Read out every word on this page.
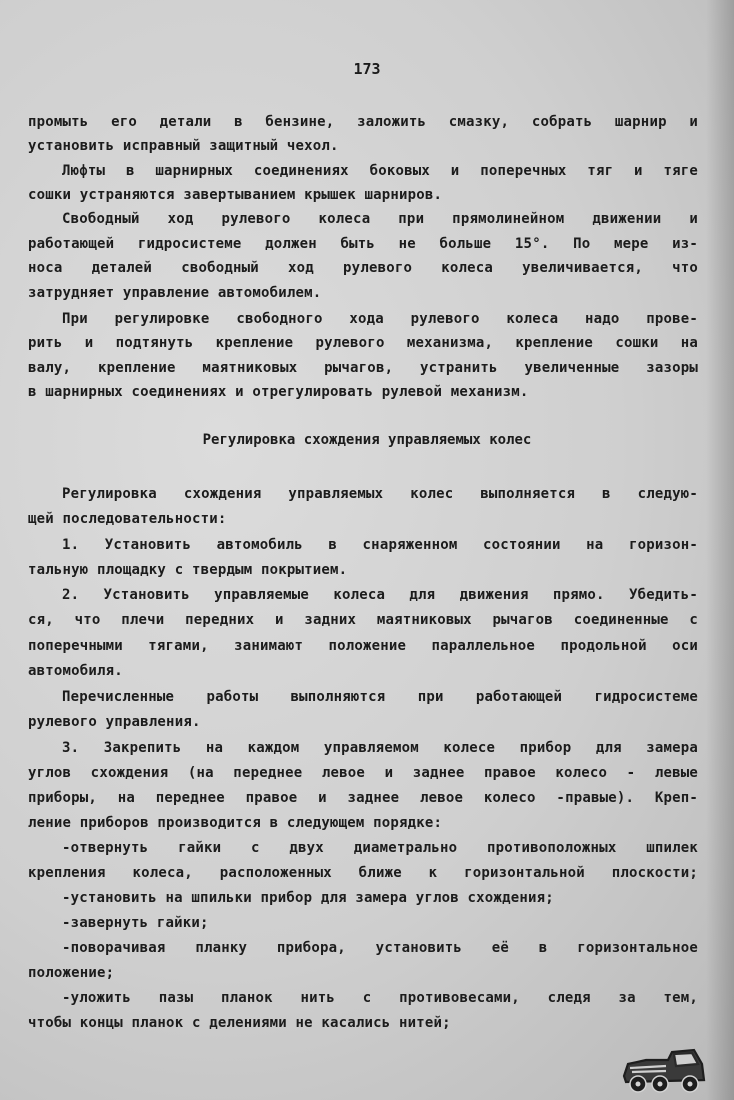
173

промыть его детали в бензине, заложить смазку, собрать шарнир и

установить исправный защитный чехол.

Люфты в шарнирных соединениях боковых и поперечных тяг и тяге

сошки устраняются завертыванием крышек шарниров.

Свободный ход рулевого колеса при прямолинейном движении и

работающей гидросистеме должен быть не больше 15°. По мере из-

носа деталей свободный ход рулевого колеса увеличивается, что

затрудняет управление автомобилем.

При регулировке свободного хода рулевого колеса надо прове-

рить и подтянуть крепление рулевого механизма, крепление сошки на

валу, крепление маятниковых рычагов, устранить увеличенные зазоры

в шарнирных соединениях и отрегулировать рулевой механизм.

Регулировка схождения управляемых колес

Регулировка схождения управляемых колес выполняется в следую-

щей последовательности:

1. Установить автомобиль в снаряженном состоянии на горизон-

тальную площадку с твердым покрытием.

2. Установить управляемые колеса для движения прямо. Убедить-

ся, что плечи передних и задних маятниковых рычагов соединенные с

поперечными тягами, занимают положение параллельное продольной оси

автомобиля.

Перечисленные работы выполняются при работающей гидросистеме

рулевого управления.

3. Закрепить на каждом управляемом колесе прибор для замера

углов схождения (на переднее левое и заднее правое колесо - левые

приборы, на переднее правое и заднее левое колесо -правые). Креп-

ление приборов производится в следующем порядке:

-отвернуть гайки с двух диаметрально противоположных шпилек

крепления колеса, расположенных ближе к горизонтальной плоскости;

-установить на шпильки прибор для замера углов схождения;

-завернуть гайки;

-поворачивая планку прибора, установить её в горизонтальное

положение;

-уложить пазы планок нить с противовесами, следя за тем,

чтобы концы планок с делениями не касались нитей;
